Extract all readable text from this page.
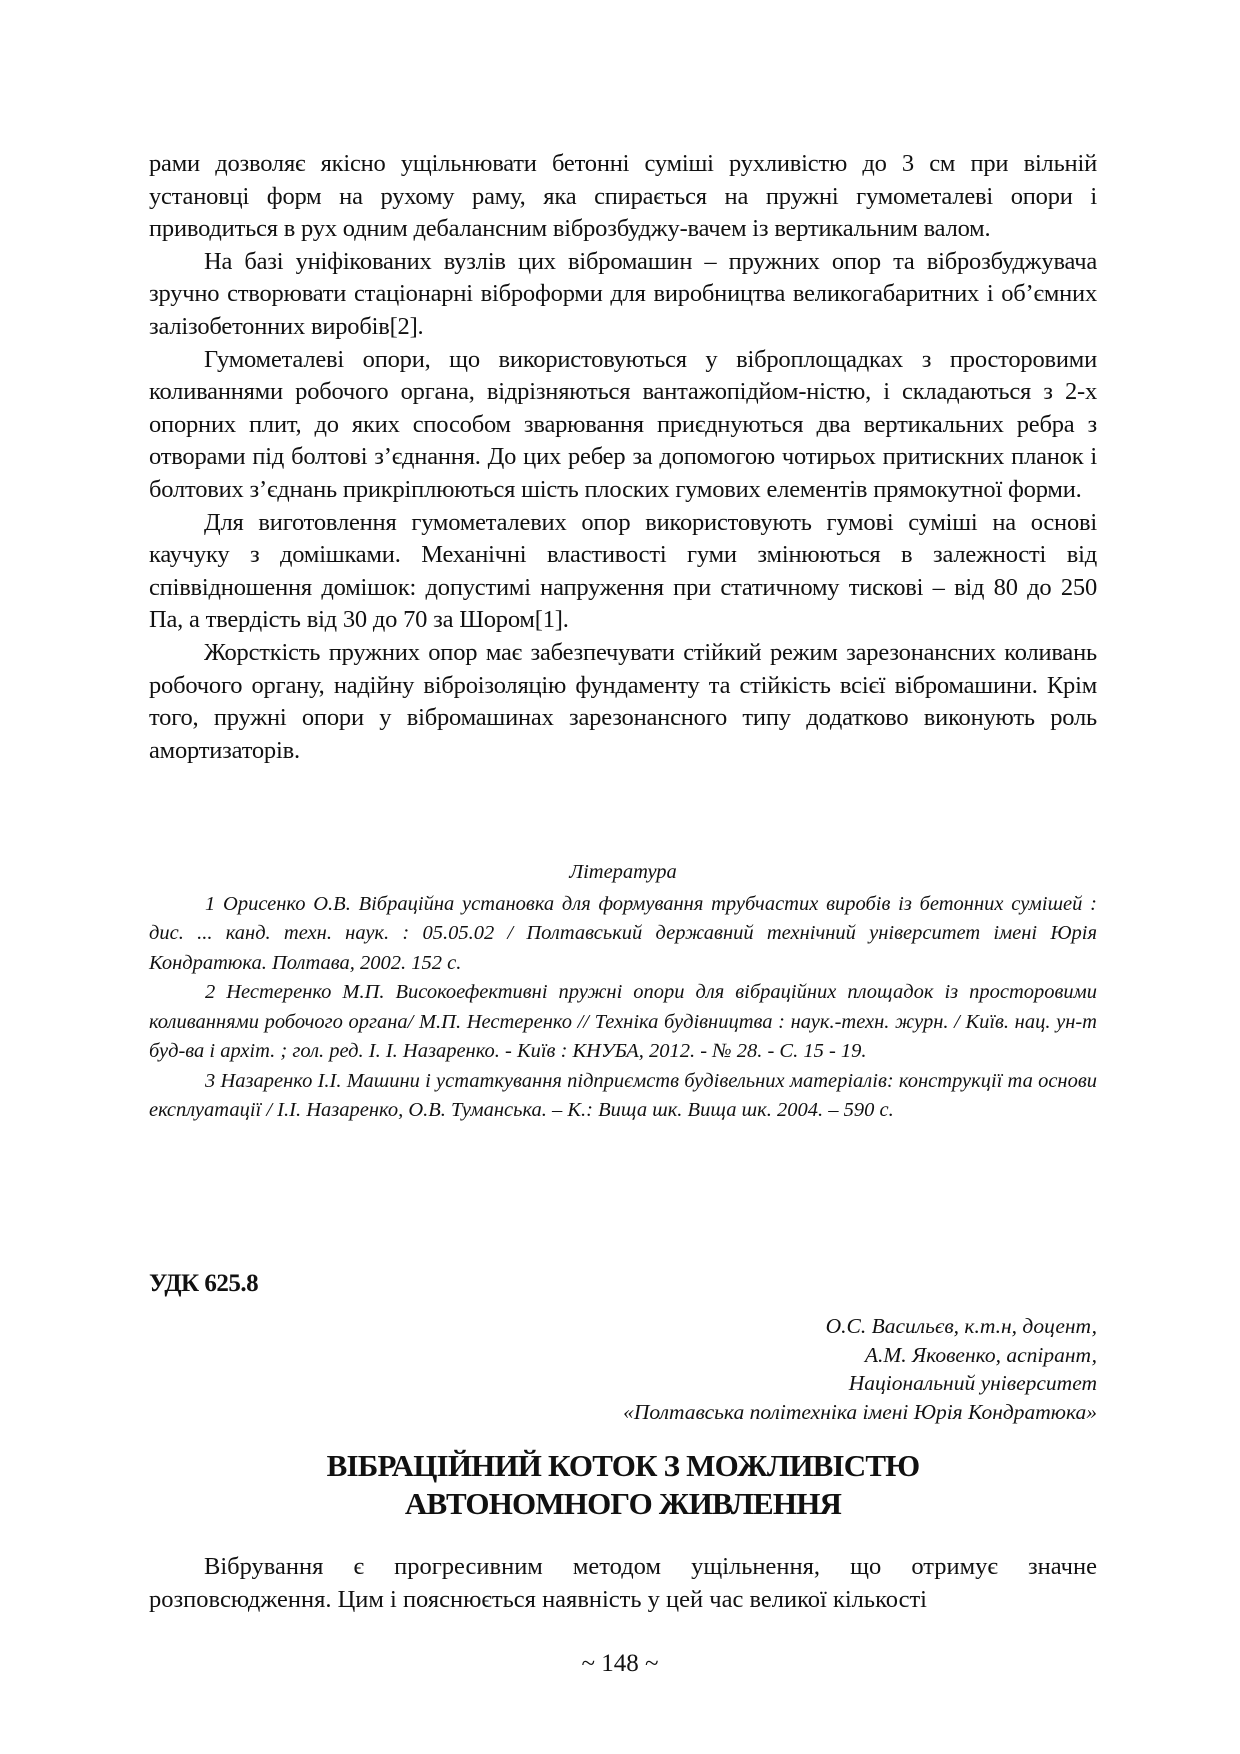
рами дозволяє якісно ущільнювати бетонні суміші рухливістю до 3 см при вільній установці форм на рухому раму, яка спирається на пружні гумометалеві опори і приводиться в рух одним дебалансним віброзбуджу-вачем із вертикальним валом.

На базі уніфікованих вузлів цих вібромашин – пружних опор та віброзбуджувача зручно створювати стаціонарні віброформи для виробництва великогабаритних і об’ємних залізобетонних виробів[2].

Гумометалеві опори, що використовуються у віброплощадках з просторовими коливаннями робочого органа, відрізняються вантажопідйом-ністю, і складаються з 2-х опорних плит, до яких способом зварювання приєднуються два вертикальних ребра з отворами під болтові з’єднання. До цих ребер за допомогою чотирьох притискних планок і болтових з’єднань прикріплюються шість плоских гумових елементів прямокутної форми.

Для виготовлення гумометалевих опор використовують гумові суміші на основі каучуку з домішками. Механічні властивості гуми змінюються в залежності від співвідношення домішок: допустимі напруження при статичному тискові – від 80 до 250 Па, а твердість від 30 до 70 за Шором[1].

Жорсткість пружних опор має забезпечувати стійкий режим зарезонансних коливань робочого органу, надійну віброізоляцію фундаменту та стійкість всієї вібромашини. Крім того, пружні опори у вібромашинах зарезонансного типу додатково виконують роль амортизаторів.

Література

1 Орисенко О.В. Вібраційна установка для формування трубчастих виробів із бетонних сумішей : дис. ... канд. техн. наук. : 05.05.02 / Полтавський державний технічний університет імені Юрія Кондратюка. Полтава, 2002. 152 с.

2 Нестеренко М.П. Високоефективні пружні опори для вібраційних площадок із просторовими коливаннями робочого органа/ М.П. Нестеренко // Техніка будівництва : наук.-техн. журн. / Київ. нац. ун-т буд-ва і архіт. ; гол. ред. І. І. Назаренко. - Київ : КНУБА, 2012. - № 28. - С. 15 - 19.

3 Назаренко І.І. Машини і устаткування підприємств будівельних матеріалів: конструкції та основи експлуатації / І.І. Назаренко, О.В. Туманська. – К.: Вища шк. Вища шк. 2004. – 590 с.

УДК 625.8
О.С. Васильєв, к.т.н, доцент,
А.М. Яковенко, аспірант,
Національний університет
«Полтавська політехніка імені Юрія Кондратюка»
ВІБРАЦІЙНИЙ КОТОК З МОЖЛИВІСТЮ
АВТОНОМНОГО ЖИВЛЕННЯ

Вібрування є прогресивним методом ущільнення, що отримує значне розповсюдження. Цим і пояснюється наявність у цей час великої кількості

~ 148 ~
